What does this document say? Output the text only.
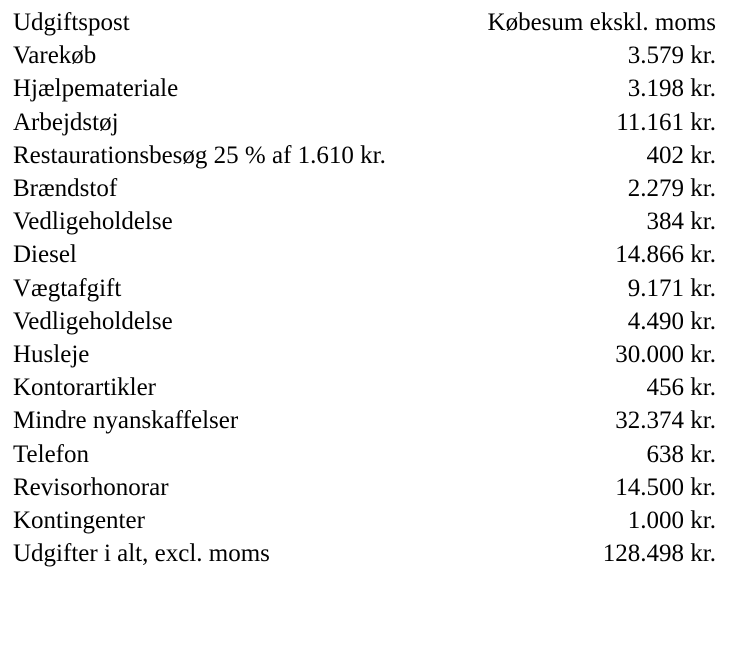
Udgiftspost	Købesum ekskl. moms
Varekøb	3.579 kr.
Hjælpemateriale	3.198 kr.
Arbejdstøj	11.161 kr.
Restaurationsbesøg 25 % af 1.610 kr.	402 kr.
Brændstof	2.279 kr.
Vedligeholdelse	384 kr.
Diesel	14.866 kr.
Vægtafgift	9.171 kr.
Vedligeholdelse	4.490 kr.
Husleje	30.000 kr.
Kontorartikler	456 kr.
Mindre nyanskaffelser	32.374 kr.
Telefon	638 kr.
Revisorhonorar	14.500 kr.
Kontingenter	1.000 kr.
Udgifter i alt, excl. moms	128.498 kr.
